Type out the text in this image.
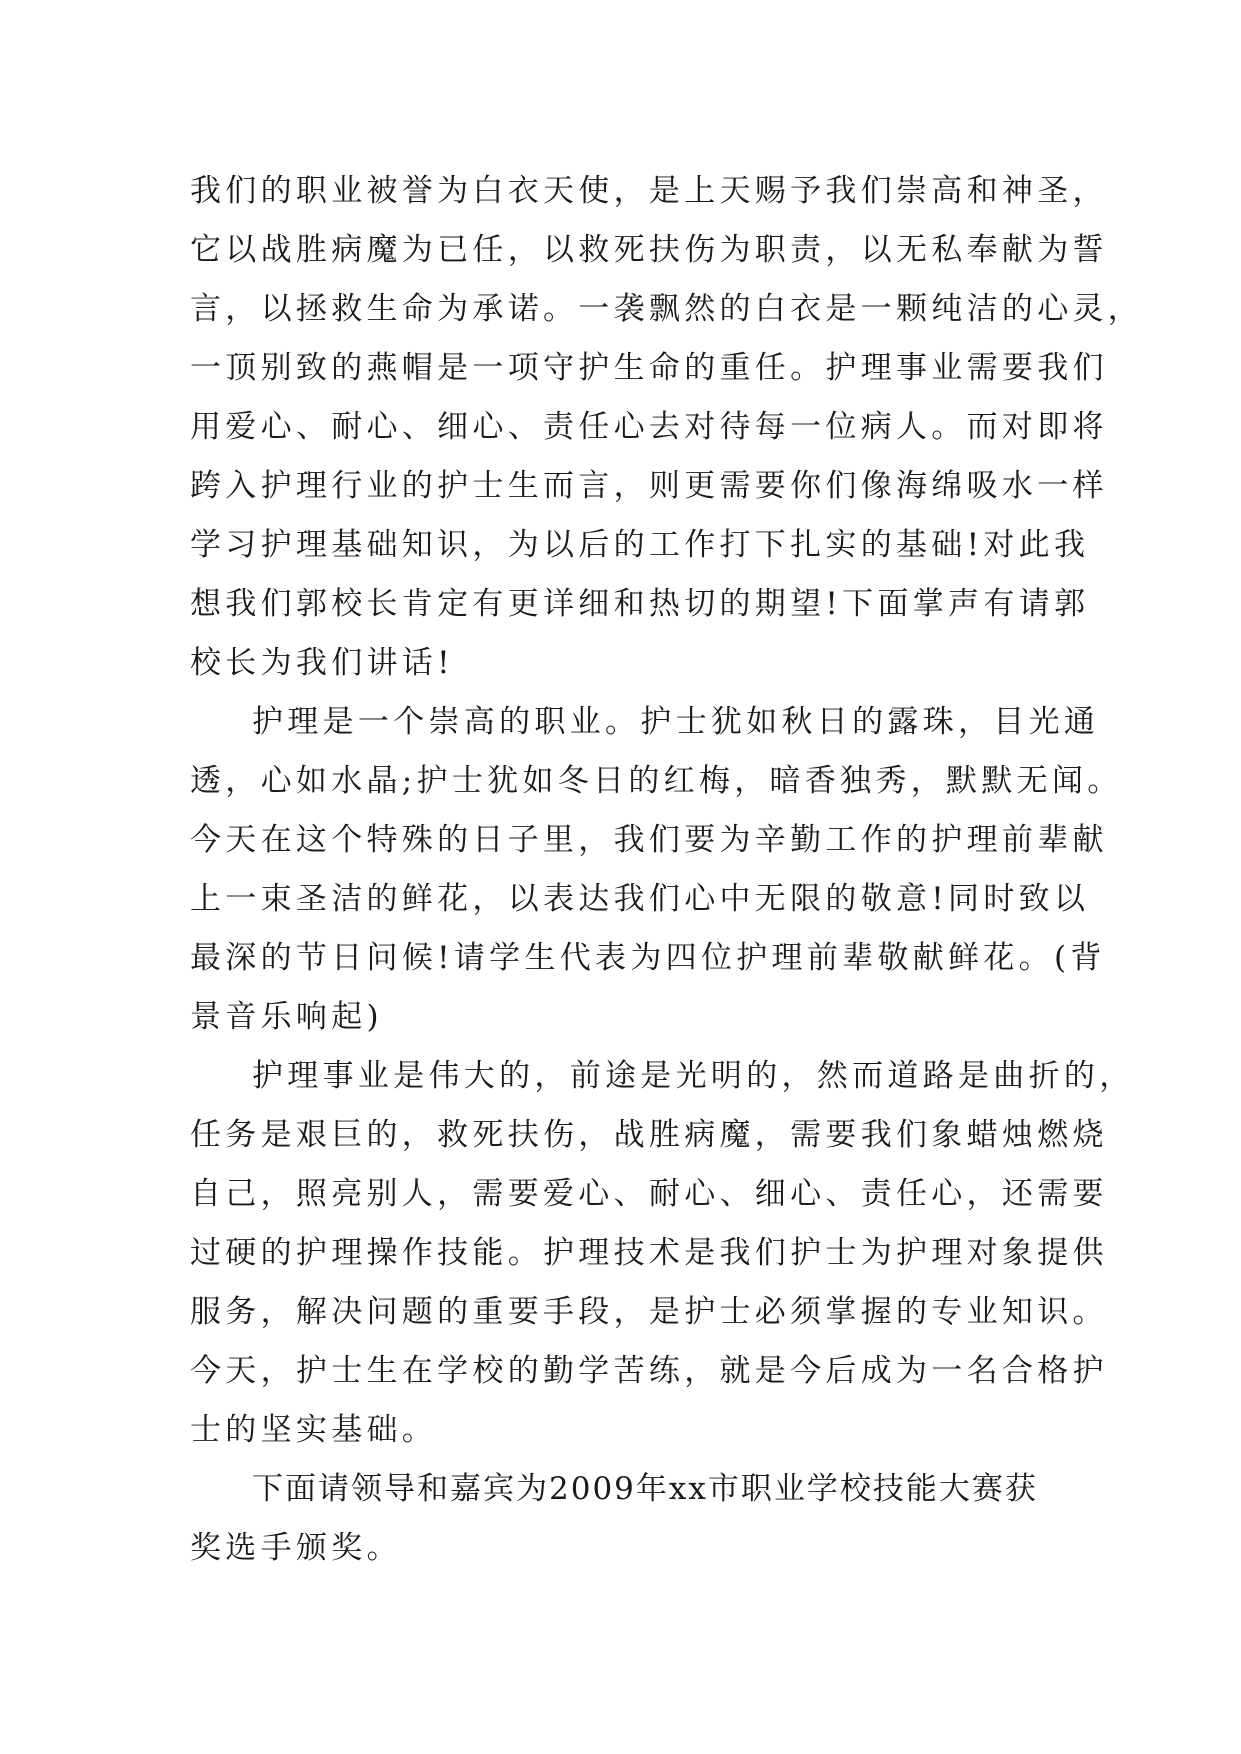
我们的职业被誉为白衣天使，是上天赐予我们崇高和神圣，
它以战胜病魔为已任，以救死扶伤为职责，以无私奉献为誓
言，以拯救生命为承诺。一袭飘然的白衣是一颗纯洁的心灵，
一顶别致的燕帽是一项守护生命的重任。护理事业需要我们
用爱心、耐心、细心、责任心去对待每一位病人。而对即将
跨入护理行业的护士生而言，则更需要你们像海绵吸水一样
学习护理基础知识，为以后的工作打下扎实的基础!对此我
想我们郭校长肯定有更详细和热切的期望!下面掌声有请郭
校长为我们讲话!
护理是一个崇高的职业。护士犹如秋日的露珠，目光通
透，心如水晶;护士犹如冬日的红梅，暗香独秀，默默无闻。
今天在这个特殊的日子里，我们要为辛勤工作的护理前辈献
上一束圣洁的鲜花，以表达我们心中无限的敬意!同时致以
最深的节日问候!请学生代表为四位护理前辈敬献鲜花。(背
景音乐响起)
护理事业是伟大的，前途是光明的，然而道路是曲折的，
任务是艰巨的，救死扶伤，战胜病魔，需要我们象蜡烛燃烧
自己，照亮别人，需要爱心、耐心、细心、责任心，还需要
过硬的护理操作技能。护理技术是我们护士为护理对象提供
服务，解决问题的重要手段，是护士必须掌握的专业知识。
今天，护士生在学校的勤学苦练，就是今后成为一名合格护
士的坚实基础。
下面请领导和嘉宾为2009年xx市职业学校技能大赛获
奖选手颁奖。
